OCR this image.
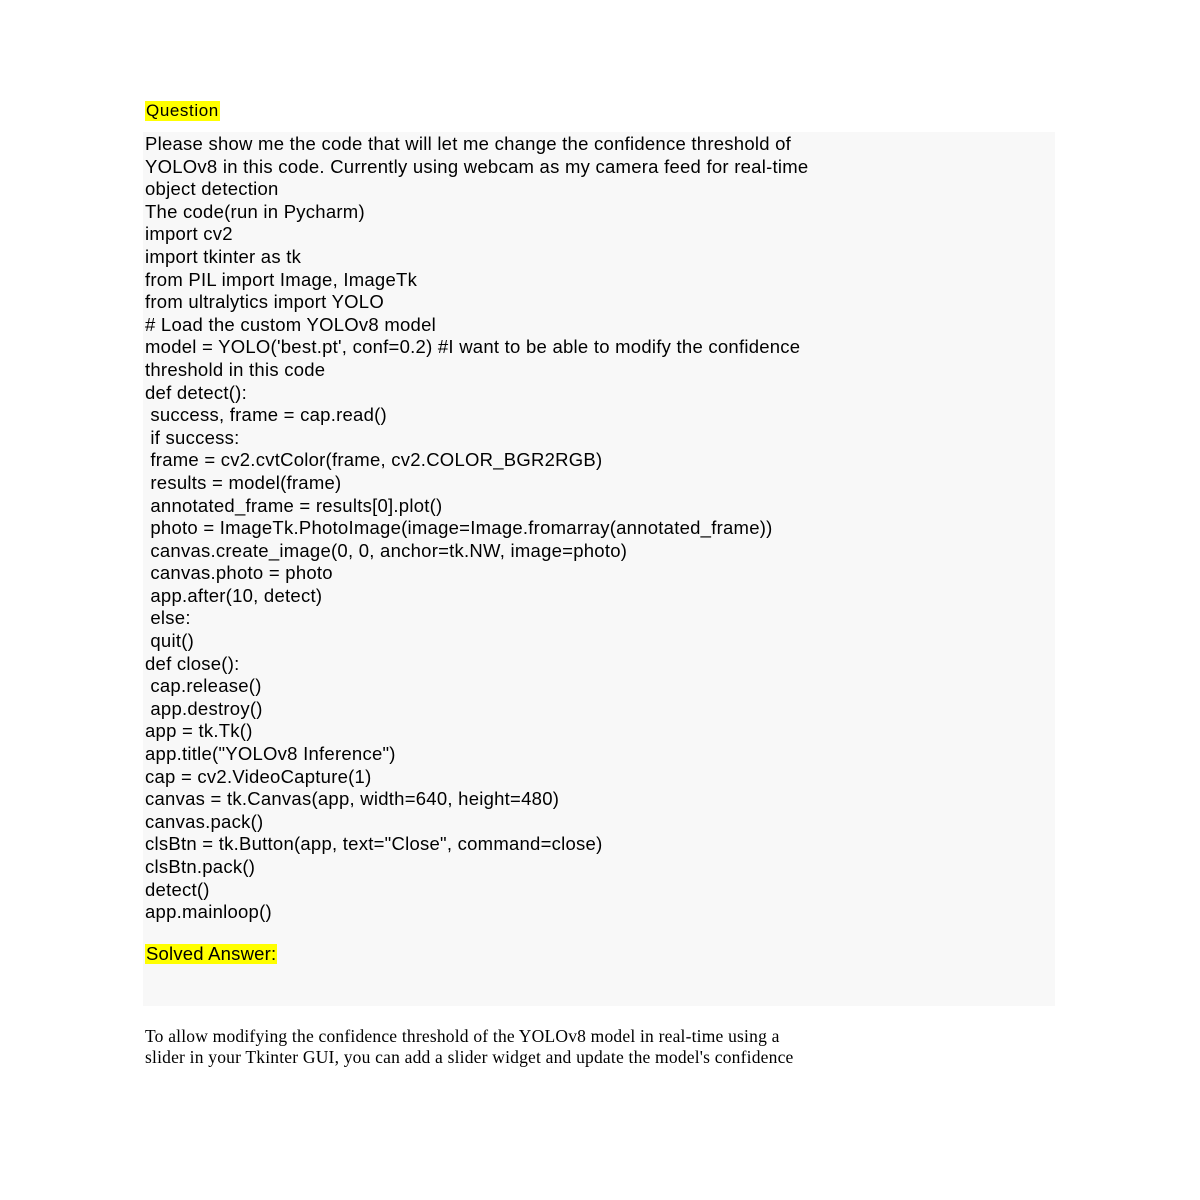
Question
Please show me the code that will let me change the confidence threshold of
YOLOv8 in this code. Currently using webcam as my camera feed for real-time
object detection
The code(run in Pycharm)
import cv2
import tkinter as tk
from PIL import Image, ImageTk
from ultralytics import YOLO
# Load the custom YOLOv8 model
model = YOLO('best.pt', conf=0.2) #I want to be able to modify the confidence
threshold in this code
def detect():
success, frame = cap.read()
if success:
frame = cv2.cvtColor(frame, cv2.COLOR_BGR2RGB)
results = model(frame)
annotated_frame = results[0].plot()
photo = ImageTk.PhotoImage(image=Image.fromarray(annotated_frame))
canvas.create_image(0, 0, anchor=tk.NW, image=photo)
canvas.photo = photo
app.after(10, detect)
else:
quit()
def close():
cap.release()
app.destroy()
app = tk.Tk()
app.title("YOLOv8 Inference")
cap = cv2.VideoCapture(1)
canvas = tk.Canvas(app, width=640, height=480)
canvas.pack()
clsBtn = tk.Button(app, text="Close", command=close)
clsBtn.pack()
detect()
app.mainloop()
Solved Answer:
To allow modifying the confidence threshold of the YOLOv8 model in real-time using a
slider in your Tkinter GUI, you can add a slider widget and update the model's confidence
